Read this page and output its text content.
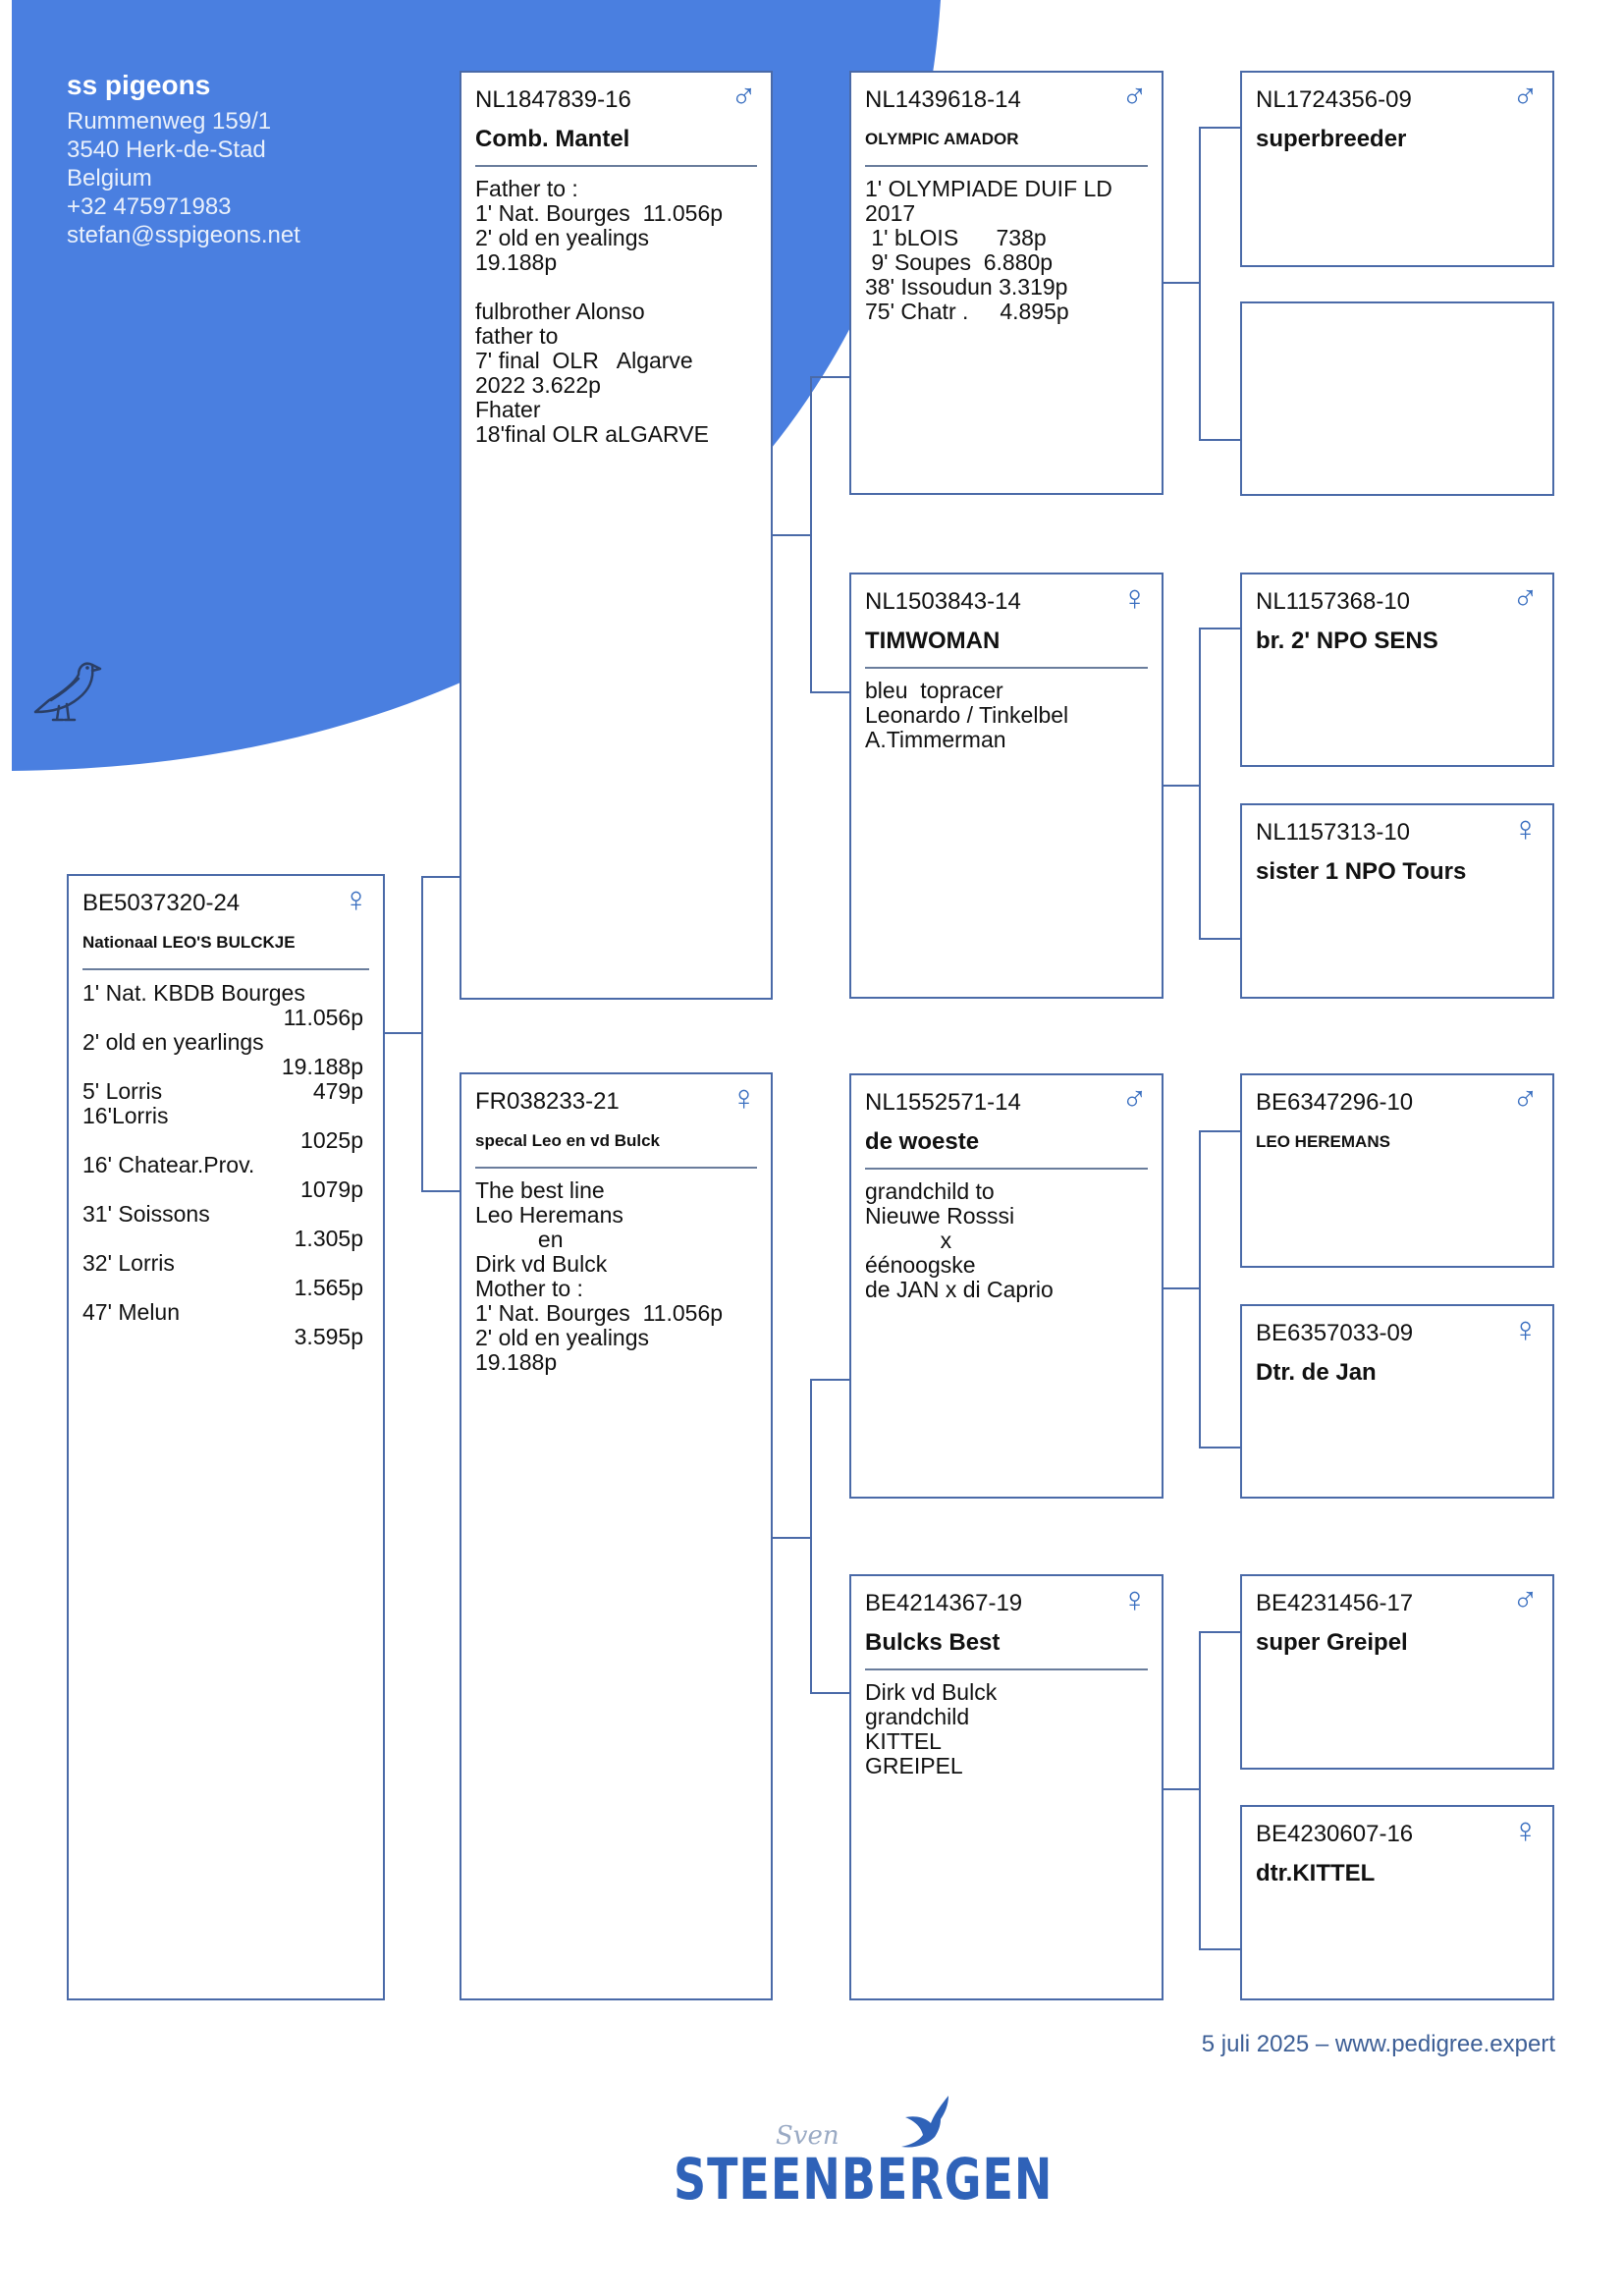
ss pigeons
Rummenweg 159/1
3540 Herk-de-Stad
Belgium
+32 475971983
stefan@sspigeons.net
BE5037320-24	♀
Nationaal LEO'S BULCKJE
1' Nat. KBDB Bourges
11.056p
2' old en yearlings
19.188p
5' Lorris	479p
16'Lorris
1025p
16' Chatear.Prov.
1079p
31' Soissons
1.305p
32' Lorris
1.565p
47' Melun
3.595p
NL1847839-16	♂
Comb. Mantel
Father to :
1' Nat. Bourges  11.056p
2' old en yealings
19.188p

fulbrother Alonso
father to
7' final  OLR   Algarve
2022 3.622p
Fhater
18'final OLR aLGARVE
FR038233-21	♀
specal Leo en vd Bulck
The best line
Leo Heremans
en
Dirk vd Bulck
Mother to :
1' Nat. Bourges  11.056p
2' old en yealings
19.188p
NL1439618-14	♂
OLYMPIC AMADOR
1' OLYMPIADE DUIF LD
2017
1' bLOIS      738p
9' Soupes  6.880p
38' Issoudun 3.319p
75' Chatr .     4.895p
NL1503843-14	♀
TIMWOMAN
bleu  topracer
Leonardo / Tinkelbel
A.Timmerman
NL1552571-14	♂
de woeste
grandchild to
Nieuwe Rosssi
x
éénoogske
de JAN x di Caprio
BE4214367-19	♀
Bulcks Best
Dirk vd Bulck
grandchild
KITTEL
GREIPEL
NL1724356-09	♂
superbreeder
NL1157368-10	♂
br. 2' NPO SENS
NL1157313-10	♀
sister 1 NPO Tours
BE6347296-10	♂
LEO HEREMANS
BE6357033-09	♀
Dtr. de Jan
BE4231456-17	♂
super Greipel
BE4230607-16	♀
dtr.KITTEL
5 juli 2025 – www.pedigree.expert
Sven
STEENBERGEN
